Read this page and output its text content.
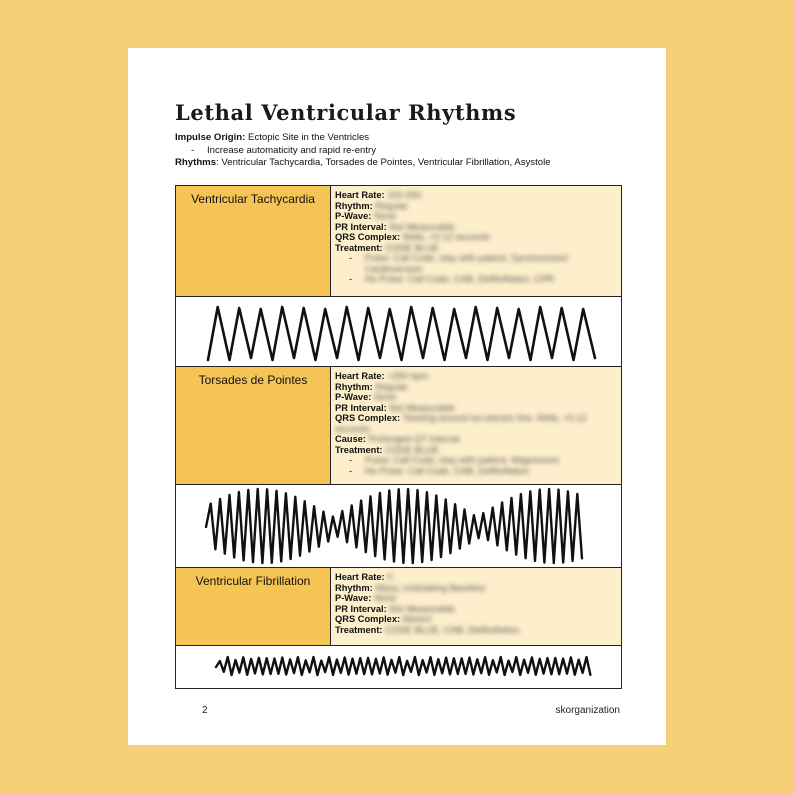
Lethal Ventricular Rhythms
Impulse Origin: Ectopic Site in the Ventricles
- Increase automaticity and rapid re-entry
Rhythms: Ventricular Tachycardia, Torsades de Pointes, Ventricular Fibrillation, Asystole
Ventricular Tachycardia	Heart Rate: 100-250
Rhythm: Regular
P-Wave: None
PR Interval: Not Measurable
QRS Complex: Wide, >0.12 seconds
Treatment: CODE BLUE
-	Pulse: Call Code, stay with patient, Synchronized Cardioversion
-	No Pulse: Call Code, CAB, Defibrillation, CPR
Torsades de Pointes	Heart Rate: >250 bpm
Rhythm: Regular
P-Wave: None
PR Interval: Not Measurable
QRS Complex: Twisting around iso-electric line, Wide, >0.12 seconds
Cause: Prolonged QT Interval
Treatment: CODE BLUE
-	Pulse: Call Code, stay with patient, Magnesium
-	No Pulse: Call Code, CAB, Defibrillation
Ventricular Fibrillation	Heart Rate: 0
Rhythm: Wavy, Undulating Baseline
P-Wave: None
PR Interval: Not Measurable
QRS Complex: Absent
Treatment: CODE BLUE, CAB, Defibrillation
2	skorganization
